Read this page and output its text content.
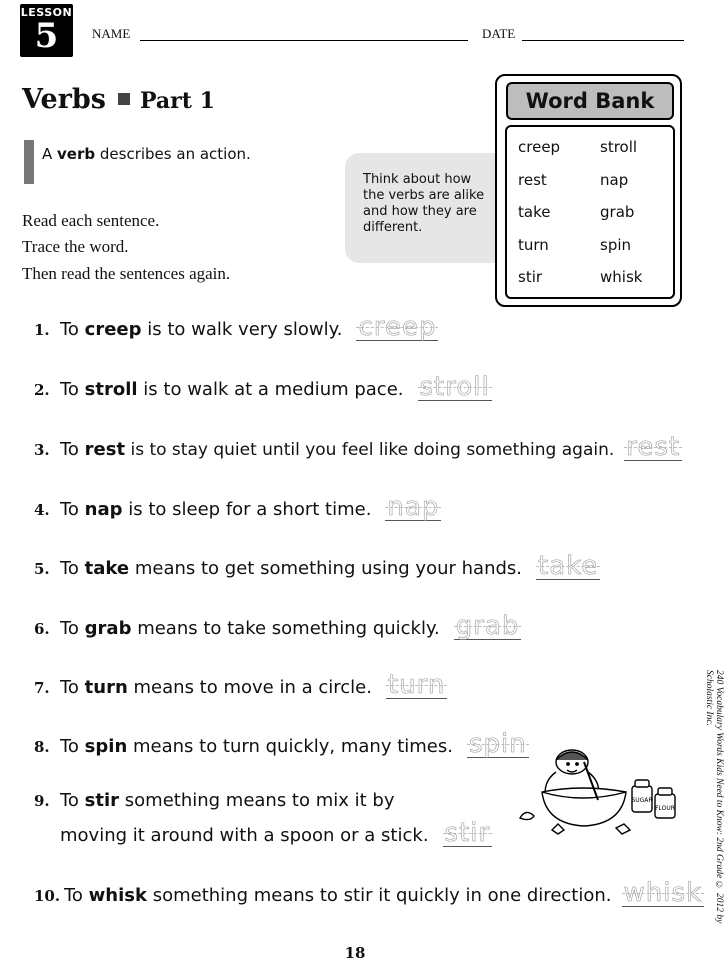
LESSON
5	NAME	DATE
Verbs Part 1
A verb describes an action.
Read each sentence.
Trace the word.
Then read the sentences again.
Think about how the verbs are alike and how they are different.
Word Bank
creep	stroll
rest	nap
take	grab
turn	spin
stir	whisk
1. To creep is to walk very slowly. creep
2. To stroll is to walk at a medium pace. stroll
3. To rest is to stay quiet until you feel like doing something again. rest
4. To nap is to sleep for a short time. nap
5. To take means to get something using your hands. take
6. To grab means to take something quickly. grab
7. To turn means to move in a circle. turn
8. To spin means to turn quickly, many times. spin
9. To stir something means to mix it by
moving it around with a spoon or a stick. stir
10. To whisk something means to stir it quickly in one direction. whisk
SUGAR
FLOUR	240 Vocabulary Words Kids Need to Know: 2nd Grade © 2012 by Scholastic Inc.
18
